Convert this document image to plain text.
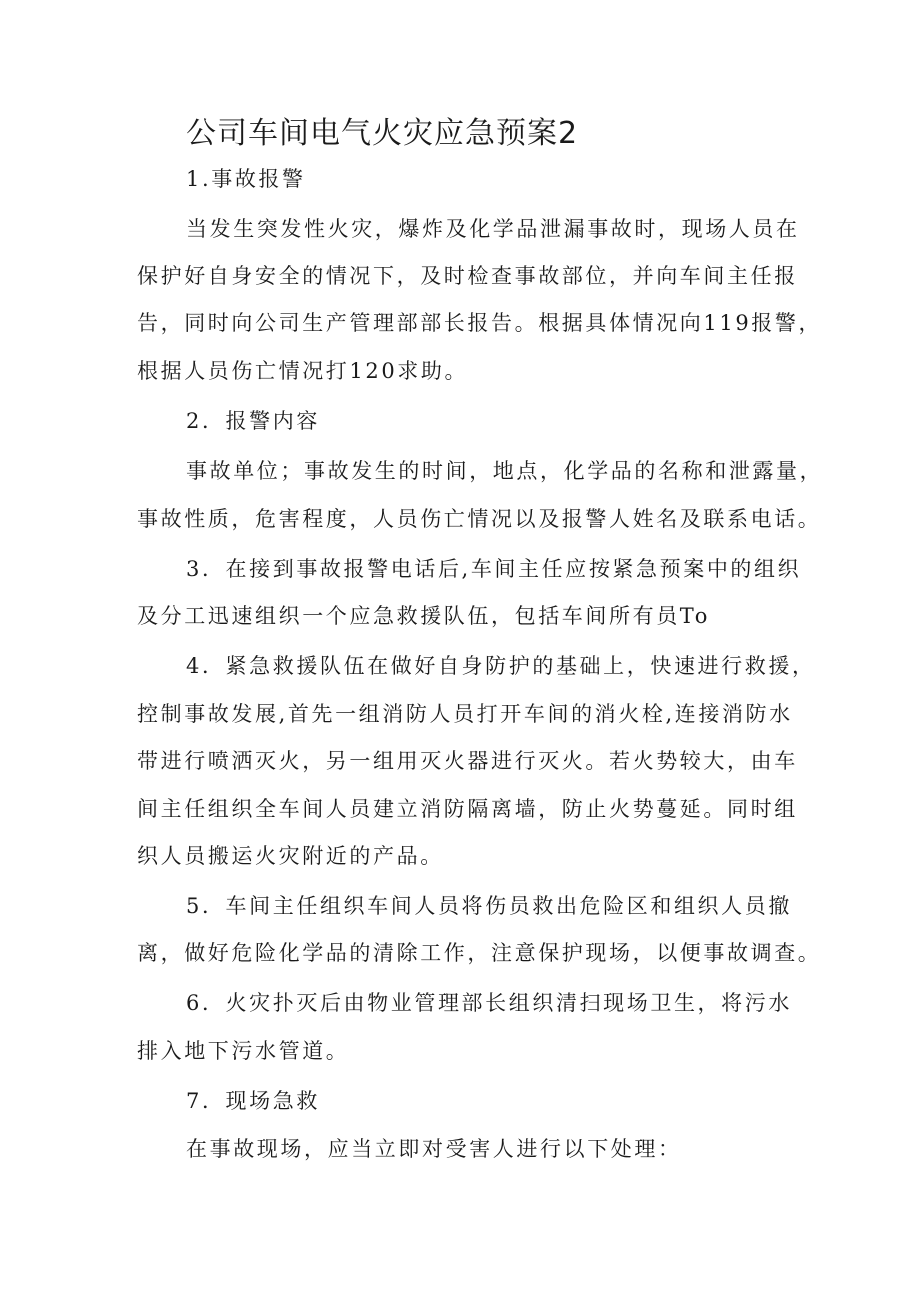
公司车间电气火灾应急预案2
1.事故报警
当发生突发性火灾，爆炸及化学品泄漏事故时，现场人员在
保护好自身安全的情况下，及时检查事故部位，并向车间主任报
告，同时向公司生产管理部部长报告。根据具体情况向119报警，
根据人员伤亡情况打120求助。
2．报警内容
事故单位；事故发生的时间，地点，化学品的名称和泄露量，
事故性质，危害程度，人员伤亡情况以及报警人姓名及联系电话。
3．在接到事故报警电话后,车间主任应按紧急预案中的组织
及分工迅速组织一个应急救援队伍，包括车间所有员To
4．紧急救援队伍在做好自身防护的基础上，快速进行救援，
控制事故发展,首先一组消防人员打开车间的消火栓,连接消防水
带进行喷洒灭火，另一组用灭火器进行灭火。若火势较大，由车
间主任组织全车间人员建立消防隔离墙，防止火势蔓延。同时组
织人员搬运火灾附近的产品。
5．车间主任组织车间人员将伤员救出危险区和组织人员撤
离，做好危险化学品的清除工作，注意保护现场，以便事故调查。
6．火灾扑灭后由物业管理部长组织清扫现场卫生，将污水
排入地下污水管道。
7．现场急救
在事故现场，应当立即对受害人进行以下处理：
